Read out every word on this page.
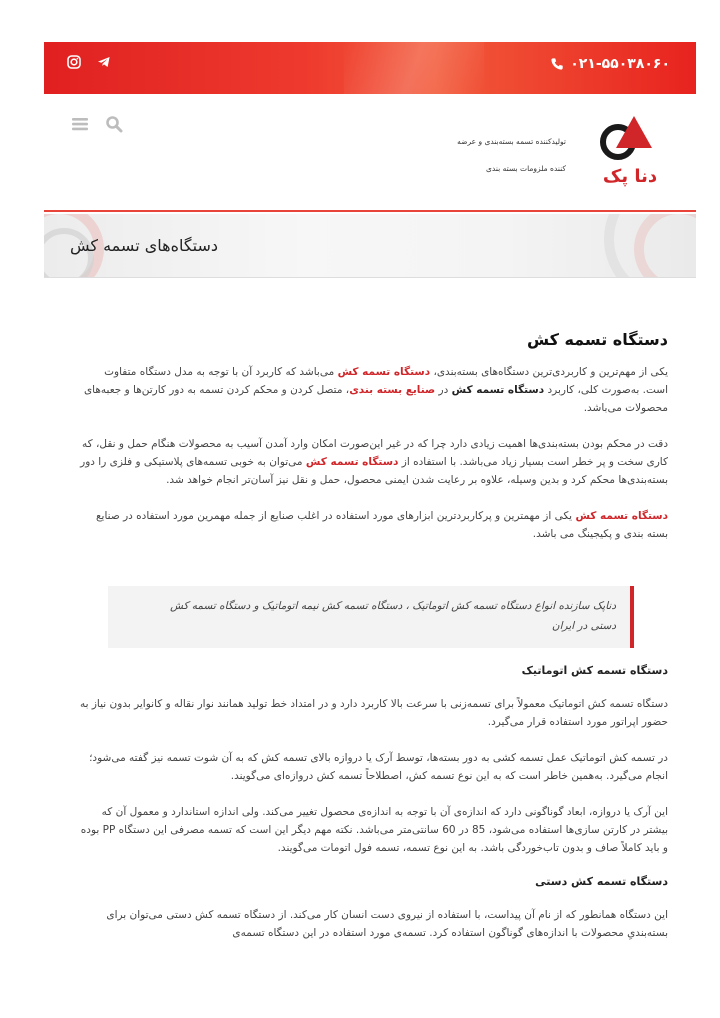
۰۲۱-۵۵۰۳۸۰۶۰
تولیدکننده تسمه بسته‌بندی و عرضه
کننده ملزومات بسته بندی دنا پک
دستگاه‌های تسمه کش
دستگاه تسمه کش

یکی از مهم‌ترین و کاربردی‌ترین دستگاه‌های بسته‌بندی، دستگاه تسمه کش می‌باشد که کاربرد آن با توجه به مدل دستگاه متفاوت است. به‌صورت کلی، کاربرد دستگاه تسمه کش در صنایع بسته بندی، متصل کردن و محکم کردن تسمه به دور کارتن‌ها و جعبه‌های محصولات می‌باشد.

دقت در محکم بودن بسته‌بندی‌ها اهمیت زیادی دارد چرا که در غیر این‌صورت امکان وارد آمدن آسیب به محصولات هنگام حمل و نقل، که کاری سخت و پر خطر است بسیار زیاد می‌باشد. با استفاده از دستگاه تسمه کش می‌توان به خوبی تسمه‌های پلاستیکی و فلزی را دور بسته‌بندی‌ها محکم کرد و بدین وسیله، علاوه بر رعایت شدن ایمنی محصول، حمل و نقل نیز آسان‌تر انجام خواهد شد.

دستگاه تسمه کش یکی از مهمترین و پرکاربردترین ابزارهای مورد استفاده در اغلب صنایع از جمله مهمرین مورد استفاده در صنایع بسته بندی و پکیجینگ می باشد.

دناپک سازنده انواع دستگاه تسمه کش اتوماتیک ، دستگاه تسمه کش نیمه اتوماتیک و دستگاه تسمه کش دستی در ایران
دستگاه تسمه کش اتوماتیک

دستگاه تسمه کش اتوماتیک معمولاً برای تسمه‌زنی با سرعت بالا کاربرد دارد و در امتداد خط تولید همانند نوار نقاله و کانوایر بدون نیاز به حضور اپراتور مورد استفاده قرار می‌گیرد.

در تسمه کش اتوماتیک عمل تسمه کشی به دور بسته‌ها، توسط آرک یا دروازه بالای تسمه کش که به آن شوت تسمه نیز گفته می‌شود؛ انجام می‌گیرد. به‌همین خاطر است که به این نوع تسمه کش، اصطلاحاً تسمه کش دروازه‌ای می‌گویند.

این آرک یا دروازه، ابعاد گوناگونی دارد که اندازه‌ی آن با توجه به اندازه‌ی محصول تغییر می‌کند. ولی اندازه استاندارد و معمول آن که بیشتر در کارتن سازی‌ها استفاده می‌شود، 85 در 60 سانتی‌متر می‌باشد. نکته مهم دیگر این است که تسمه مصرفی این دستگاه PP بوده و باید کاملاً صاف و بدون تاب‌خوردگی باشد. به این نوع تسمه، تسمه فول اتومات می‌گویند.

دستگاه تسمه کش دستی

این دستگاه همانطور که از نام آن پیداست، با استفاده از نیروی دست انسان کار می‌کند. از دستگاه تسمه کش دستی می‌توان برای بسته‌بندیِ محصولات با اندازه‌های گوناگون استفاده کرد. تسمه‌ی مورد استفاده در این دستگاه تسمه‌ی
